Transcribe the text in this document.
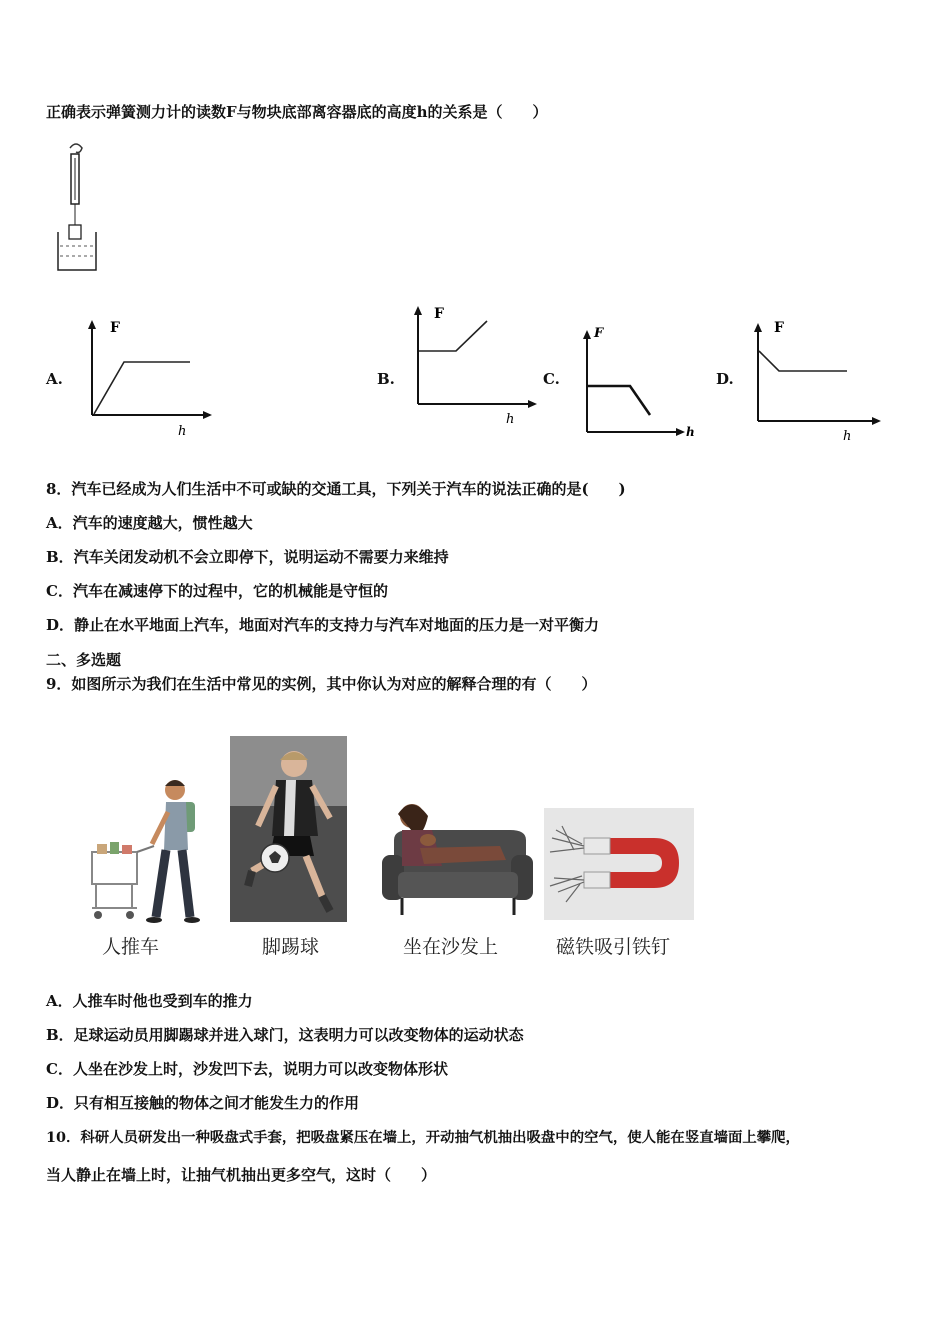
正确表示弹簧测力计的读数F与物块底部离容器底的高度h的关系是（　　）
A.
F
h
B.
F
h
C.
F
h
D.
F
h
8．汽车已经成为人们生活中不可或缺的交通工具，下列关于汽车的说法正确的是(　　)
A．汽车的速度越大，惯性越大
B．汽车关闭发动机不会立即停下，说明运动不需要力来维持
C．汽车在减速停下的过程中，它的机械能是守恒的
D．静止在水平地面上汽车，地面对汽车的支持力与汽车对地面的压力是一对平衡力
二、多选题
9．如图所示为我们在生活中常见的实例，其中你认为对应的解释合理的有（　　）
人推车	脚踢球	坐在沙发上	磁铁吸引铁钉
A．人推车时他也受到车的推力
B．足球运动员用脚踢球并进入球门，这表明力可以改变物体的运动状态
C．人坐在沙发上时，沙发凹下去，说明力可以改变物体形状
D．只有相互接触的物体之间才能发生力的作用
10．科研人员研发出一种吸盘式手套，把吸盘紧压在墙上，开动抽气机抽出吸盘中的空气，使人能在竖直墙面上攀爬，
当人静止在墙上时，让抽气机抽出更多空气，这时（　　）
